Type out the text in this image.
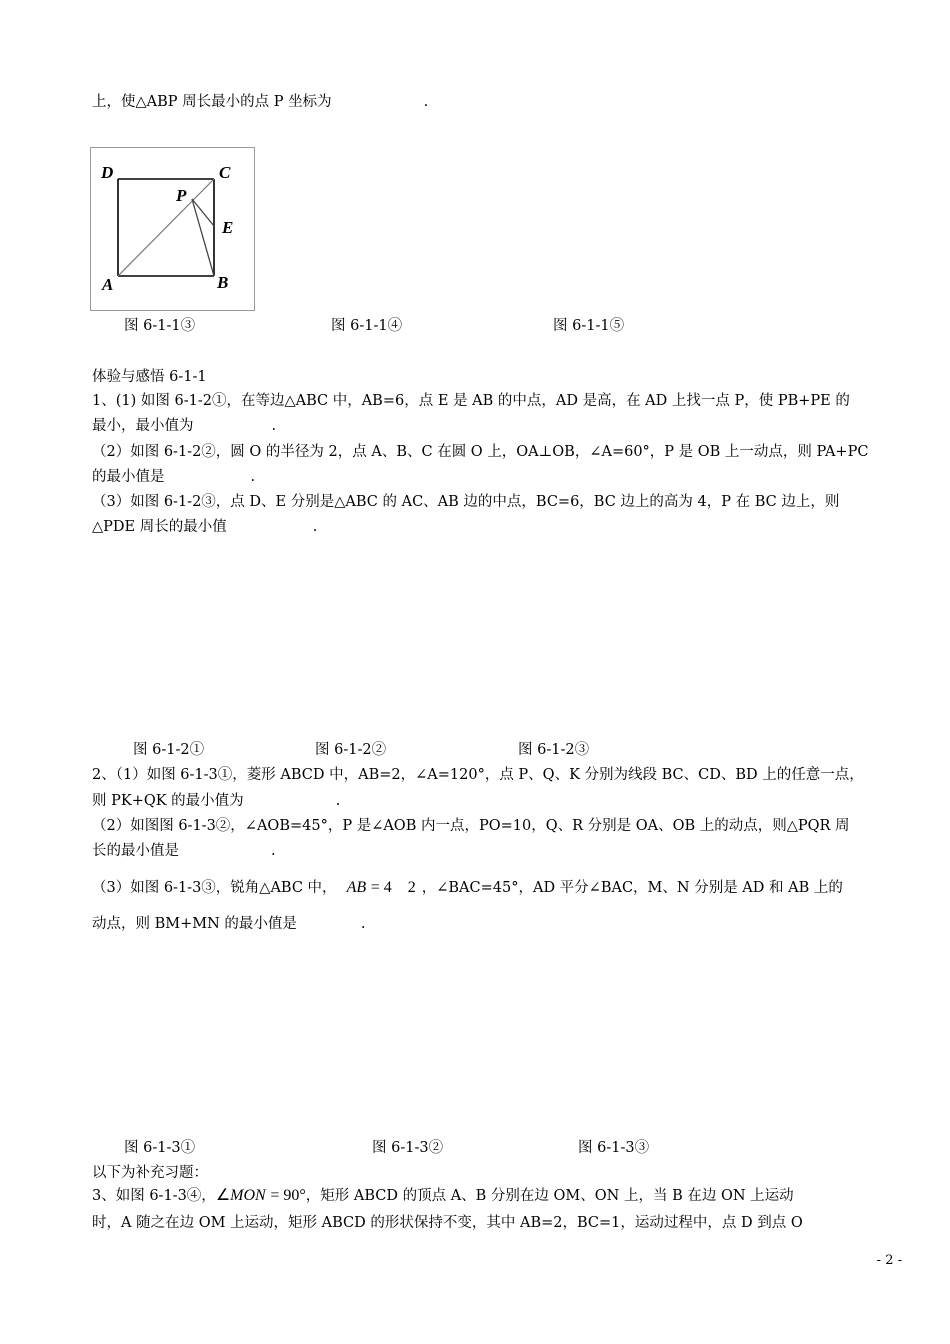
上，使△ABP 周长最小的点 P 坐标为	.
D	C
P
E
A	B
图 6-1-1③	图 6-1-1④	图 6-1-1⑤
体验与感悟 6-1-1
1、(1) 如图 6-1-2①，在等边△ABC 中，AB=6，点 E 是 AB 的中点，AD 是高，在 AD 上找一点 P，使 PB+PE 的
最小，最小值为	.
（2）如图 6-1-2②，圆 O 的半径为 2，点 A、B、C 在圆 O 上，OA⊥OB，∠A=60°，P 是 OB 上一动点，则 PA+PC
的最小值是	.
（3）如图 6-1-2③，点 D、E 分别是△ABC 的 AC、AB 边的中点，BC=6，BC 边上的高为 4，P 在 BC 边上，则
△PDE 周长的最小值	.
图 6-1-2①	图 6-1-2②	图 6-1-2③
2、（1）如图 6-1-3①，菱形 ABCD 中，AB=2，∠A=120°，点 P、Q、K 分别为线段 BC、CD、BD 上的任意一点，
则 PK+QK 的最小值为	.
（2）如图图 6-1-3②，∠AOB=45°，P 是∠AOB 内一点，PO=10，Q、R 分别是 OA、OB 上的动点，则△PQR 周
长的最小值是	.
（3）如图 6-1-3③，锐角△ABC 中， AB = 4 2 ，∠BAC=45°，AD 平分∠BAC，M、N 分别是 AD 和 AB 上的
动点，则 BM+MN 的最小值是	.
图 6-1-3①	图 6-1-3②	图 6-1-3③
以下为补充习题：
3、如图 6-1-3④，∠MON = 90°，矩形 ABCD 的顶点 A、B 分别在边 OM、ON 上，当 B 在边 ON 上运动
时，A 随之在边 OM 上运动，矩形 ABCD 的形状保持不变，其中 AB=2，BC=1，运动过程中，点 D 到点 O
- 2 -
